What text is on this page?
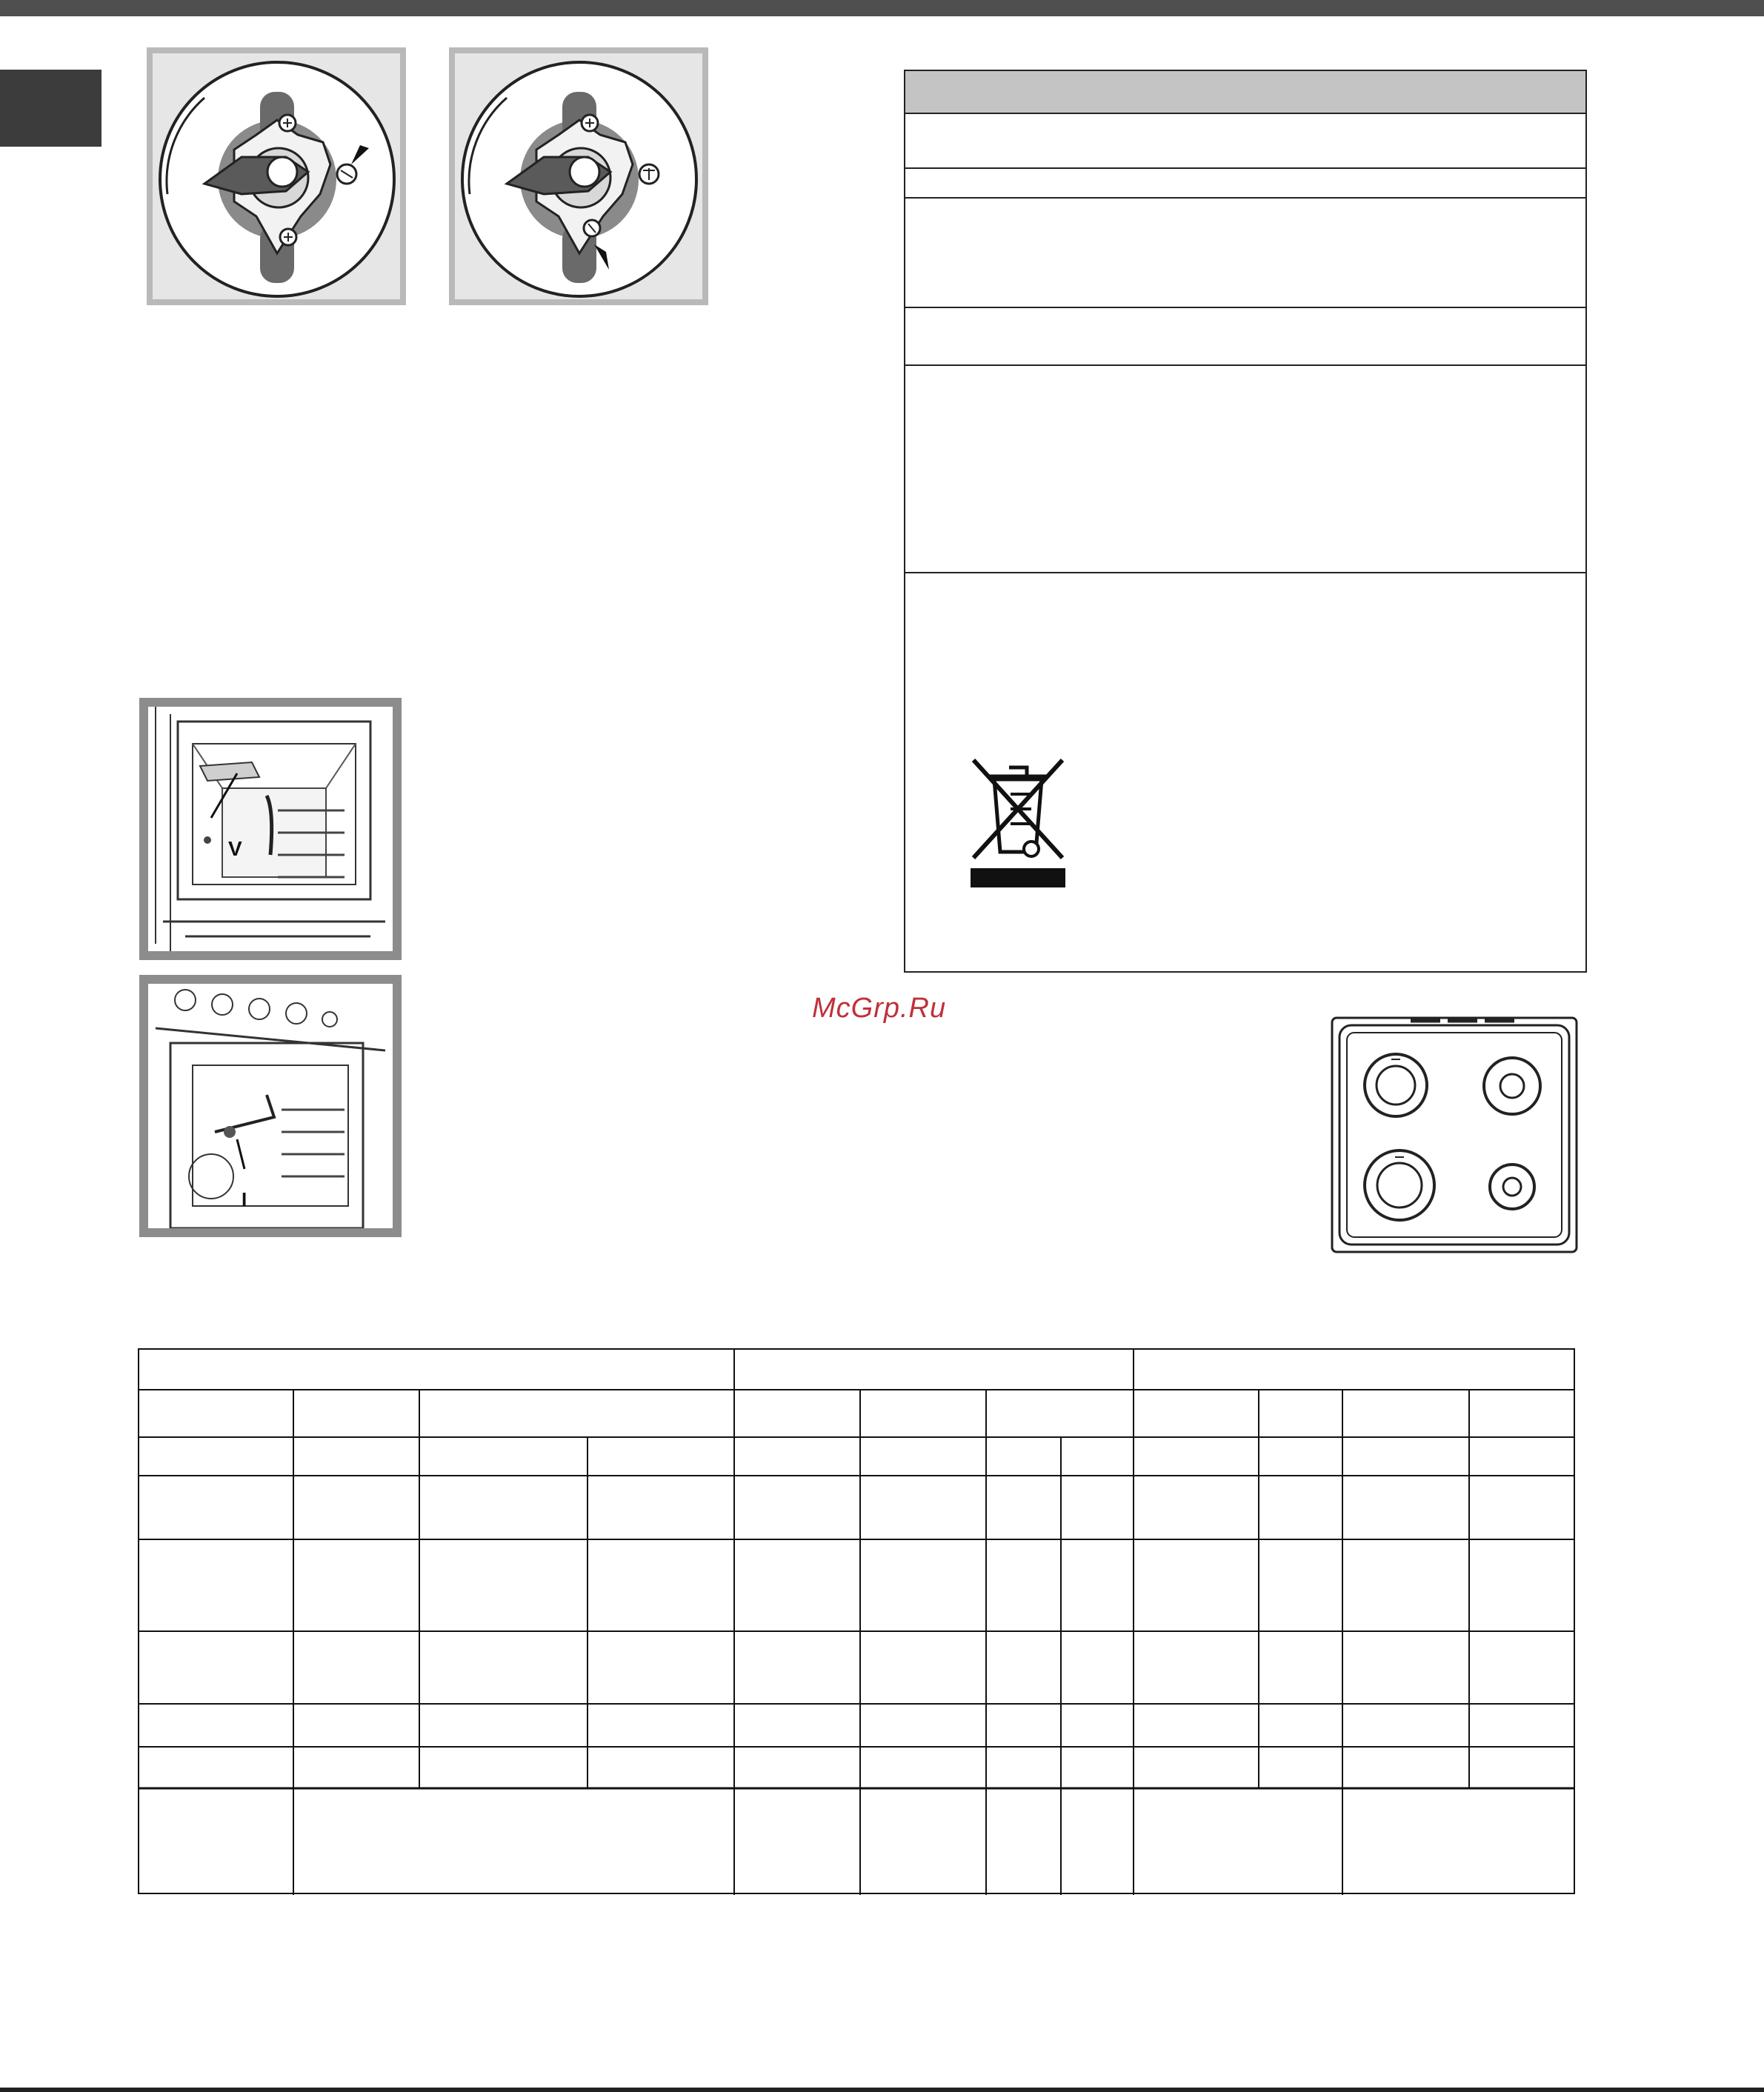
V
I
McGrp.Ru
